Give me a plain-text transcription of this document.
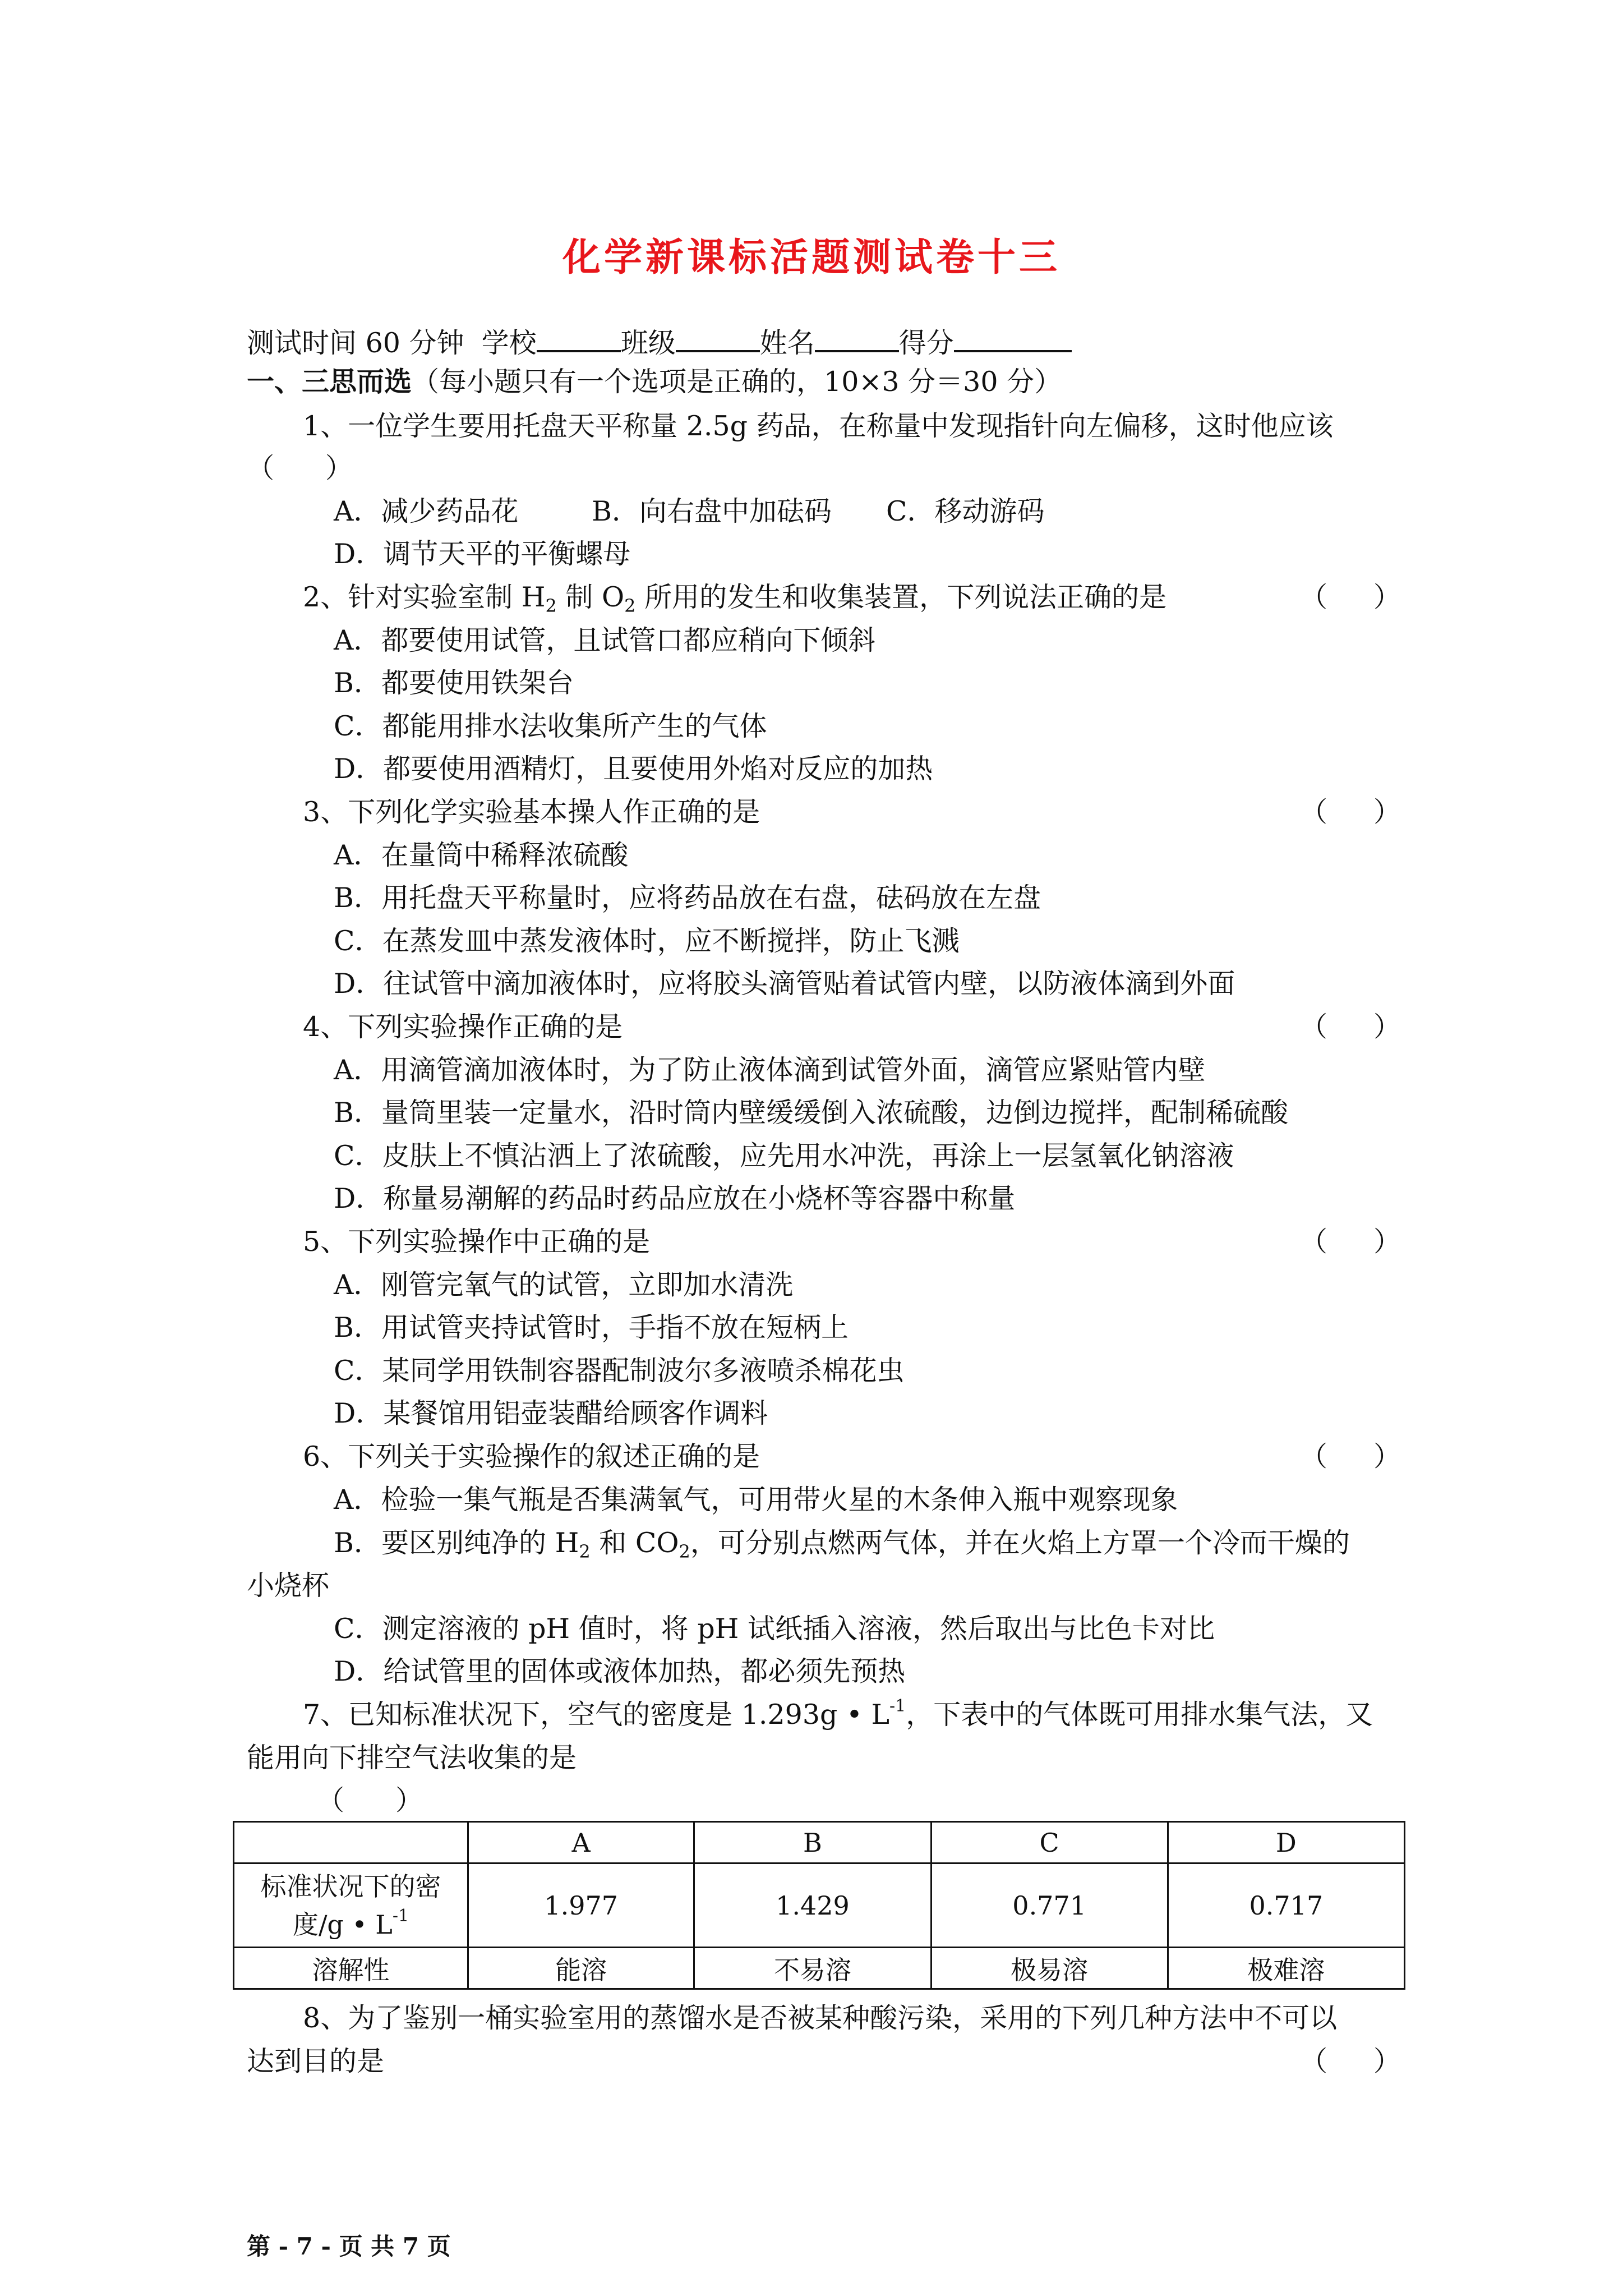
化学新课标活题测试卷十三
测试时间 60 分钟 学校	班级	姓名	得分
一、三思而选（每小题只有一个选项是正确的，10×3 分＝30 分）
1、一位学生要用托盘天平称量 2.5g 药品，在称量中发现指针向左偏移，这时他应该
（ ）
A．减少药品花	B．向右盘中加砝码 C．移动游码
D．调节天平的平衡螺母
2、针对实验室制 $H_2$ 制 $O_2$ 所用的发生和收集装置，下列说法正确的是	（ ）
A．都要使用试管，且试管口都应稍向下倾斜
B．都要使用铁架台
C．都能用排水法收集所产生的气体
D．都要使用酒精灯，且要使用外焰对反应的加热
3、下列化学实验基本操人作正确的是	（ ）
A．在量筒中稀释浓硫酸
B．用托盘天平称量时，应将药品放在右盘，砝码放在左盘
C．在蒸发皿中蒸发液体时，应不断搅拌，防止飞溅
D．往试管中滴加液体时，应将胶头滴管贴着试管内壁，以防液体滴到外面
4、下列实验操作正确的是	（ ）
A．用滴管滴加液体时，为了防止液体滴到试管外面，滴管应紧贴管内壁
B．量筒里装一定量水，沿时筒内壁缓缓倒入浓硫酸，边倒边搅拌，配制稀硫酸
C．皮肤上不慎沾洒上了浓硫酸，应先用水冲洗，再涂上一层氢氧化钠溶液
D．称量易潮解的药品时药品应放在小烧杯等容器中称量
5、下列实验操作中正确的是	（ ）
A．刚管完氧气的试管，立即加水清洗
B．用试管夹持试管时，手指不放在短柄上
C．某同学用铁制容器配制波尔多液喷杀棉花虫
D．某餐馆用铝壶装醋给顾客作调料
6、下列关于实验操作的叙述正确的是	（ ）
A．检验一集气瓶是否集满氧气，可用带火星的木条伸入瓶中观察现象
B．要区别纯净的 $H_2$ 和 $CO_2$，可分别点燃两气体，并在火焰上方罩一个冷而干燥的
小烧杯
C．测定溶液的 pH 值时，将 pH 试纸插入溶液，然后取出与比色卡对比
D．给试管里的固体或液体加热，都必须先预热
7、已知标准状况下，空气的密度是 1.293g • $L^{-1}$，下表中的气体既可用排水集气法，又
能用向下排空气法收集的是
（ ）
	A	B	C	D
标准状况下的密
度/g • $L^{-1}$	1.977	1.429	0.771	0.717
溶解性	能溶	不易溶	极易溶	极难溶
8、为了鉴别一桶实验室用的蒸馏水是否被某种酸污染，采用的下列几种方法中不可以
达到目的是	（ ）
第 - 7 - 页 共 7 页
